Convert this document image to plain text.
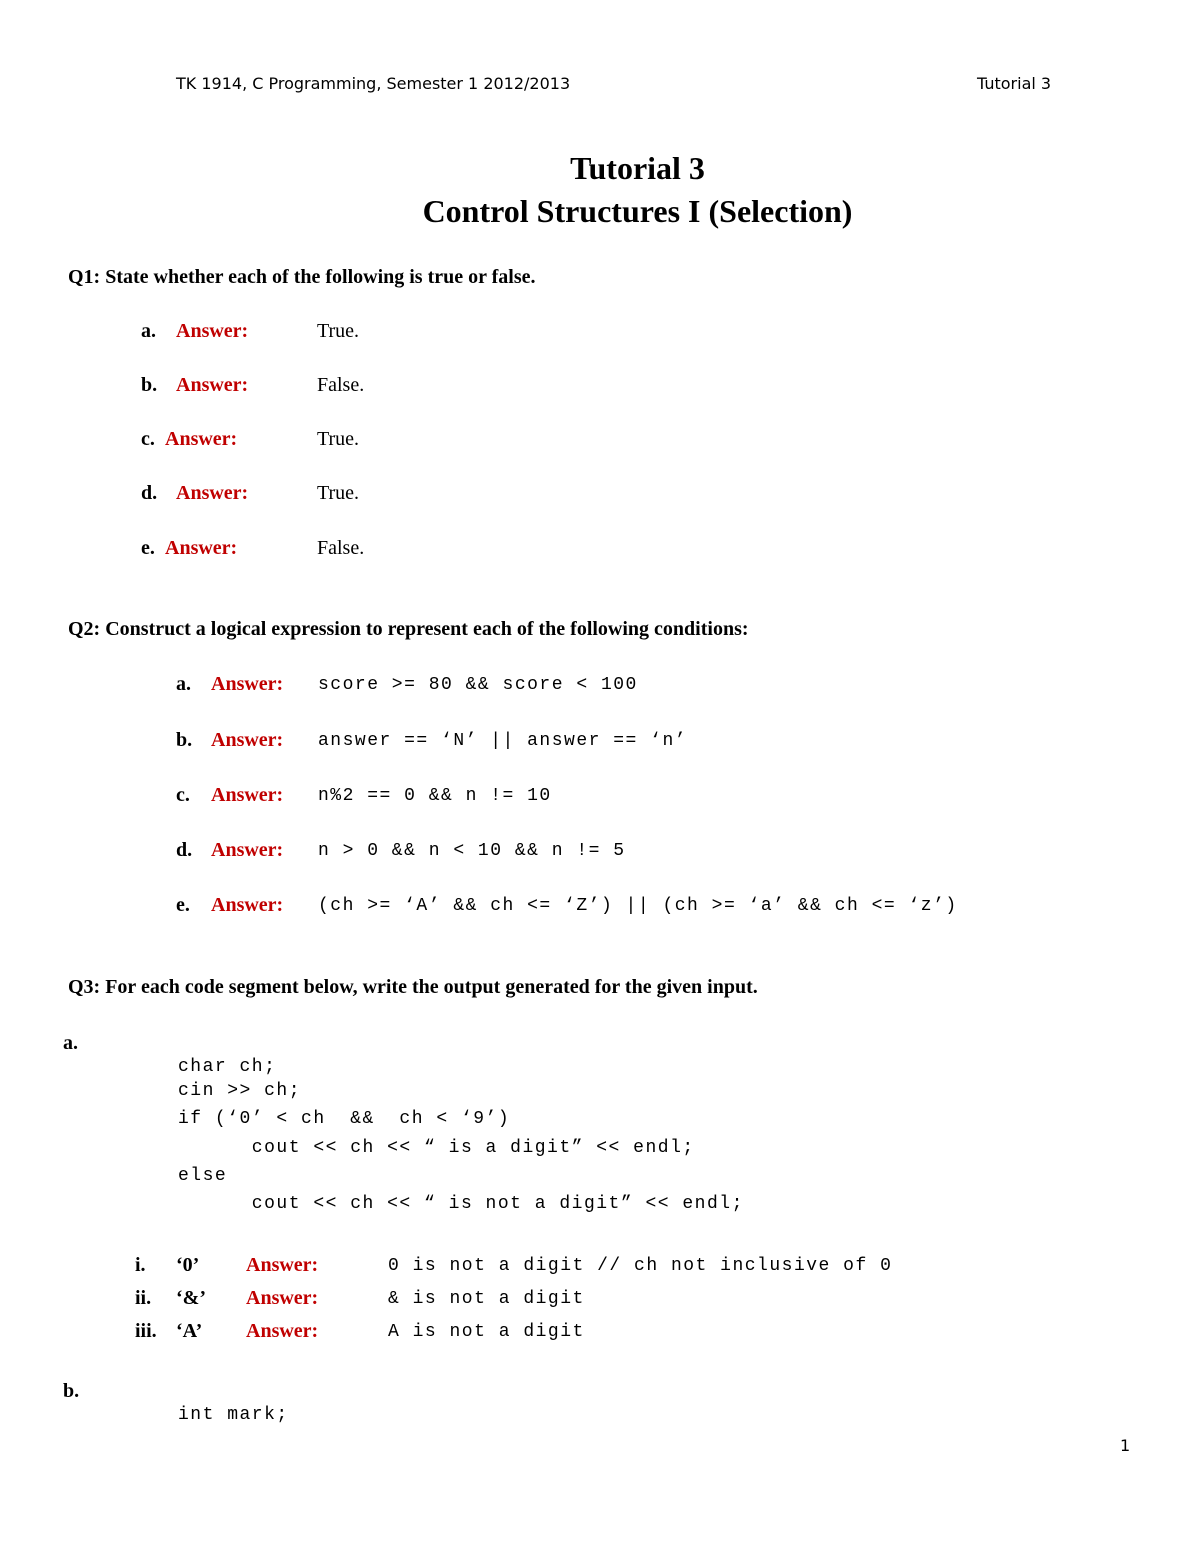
TK 1914, C Programming, Semester 1 2012/2013	Tutorial 3
Tutorial 3
Control Structures I (Selection)
Q1: State whether each of the following is true or false.
a. Answer:	True.
b. Answer:	False.
c. Answer:	True.
d. Answer:	True.
e. Answer:	False.
Q2: Construct a logical expression to represent each of the following conditions:
a. Answer: score >= 80 && score < 100
b. Answer: answer == ‘N’ || answer == ‘n’
c. Answer: n%2 == 0 && n != 10
d. Answer: n > 0 && n < 10 && n != 5
e. Answer: (ch >= ‘A’ && ch <= ‘Z’) || (ch >= ‘a’ && ch <= ‘z’)
Q3: For each code segment below, write the output generated for the given input.
a.
char ch;
cin >> ch;
if (‘0’ < ch  &&  ch < ‘9’)
cout << ch << “ is a digit” << endl;
else
cout << ch << “ is not a digit” << endl;
i. ‘0’ Answer:	0 is not a digit // ch not inclusive of 0
ii. ‘&’ Answer:	& is not a digit
iii. ‘A’ Answer:	A is not a digit
b.
int mark;
1
